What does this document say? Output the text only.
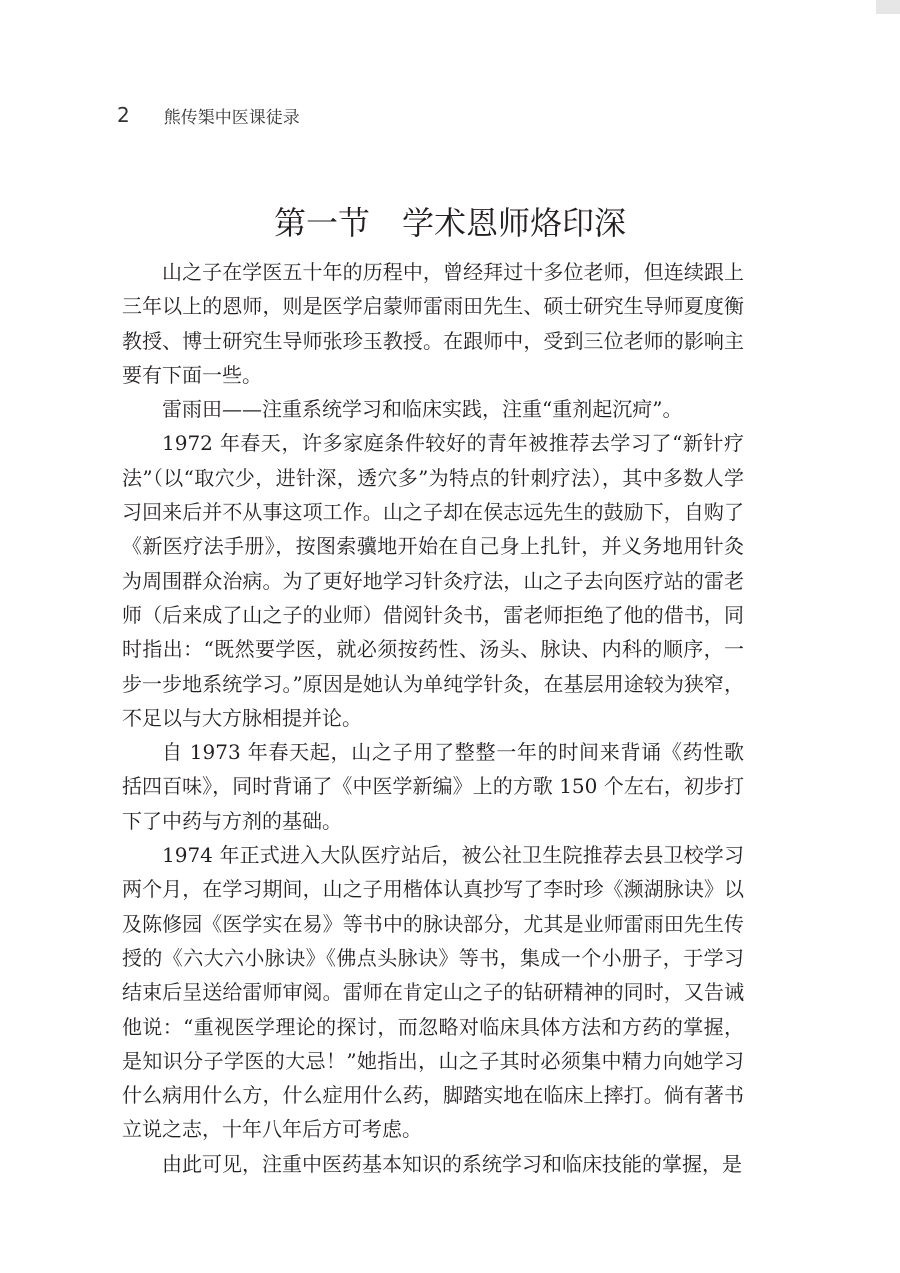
2 熊传榘中医课徒录
第一节　学术恩师烙印深

山之子在学医五十年的历程中，曾经拜过十多位老师，但连续跟上三年以上的恩师，则是医学启蒙师雷雨田先生、硕士研究生导师夏度衡教授、博士研究生导师张珍玉教授。在跟师中，受到三位老师的影响主要有下面一些。

雷雨田——注重系统学习和临床实践，注重“重剂起沉疴”。

1972 年春天，许多家庭条件较好的青年被推荐去学习了“新针疗法”（以“取穴少，进针深，透穴多”为特点的针刺疗法），其中多数人学习回来后并不从事这项工作。山之子却在侯志远先生的鼓励下，自购了《新医疗法手册》，按图索骥地开始在自己身上扎针，并义务地用针灸为周围群众治病。为了更好地学习针灸疗法，山之子去向医疗站的雷老师（后来成了山之子的业师）借阅针灸书，雷老师拒绝了他的借书，同时指出：“既然要学医，就必须按药性、汤头、脉诀、内科的顺序，一步一步地系统学习。”原因是她认为单纯学针灸，在基层用途较为狭窄，不足以与大方脉相提并论。

自 1973 年春天起，山之子用了整整一年的时间来背诵《药性歌括四百味》，同时背诵了《中医学新编》上的方歌 150 个左右，初步打下了中药与方剂的基础。

1974 年正式进入大队医疗站后，被公社卫生院推荐去县卫校学习两个月，在学习期间，山之子用楷体认真抄写了李时珍《濒湖脉诀》以及陈修园《医学实在易》等书中的脉诀部分，尤其是业师雷雨田先生传授的《六大六小脉诀》《佛点头脉诀》等书，集成一个小册子，于学习结束后呈送给雷师审阅。雷师在肯定山之子的钻研精神的同时，又告诫他说：“重视医学理论的探讨，而忽略对临床具体方法和方药的掌握，是知识分子学医的大忌！”她指出，山之子其时必须集中精力向她学习什么病用什么方，什么症用什么药，脚踏实地在临床上摔打。倘有著书立说之志，十年八年后方可考虑。

由此可见，注重中医药基本知识的系统学习和临床技能的掌握，是
